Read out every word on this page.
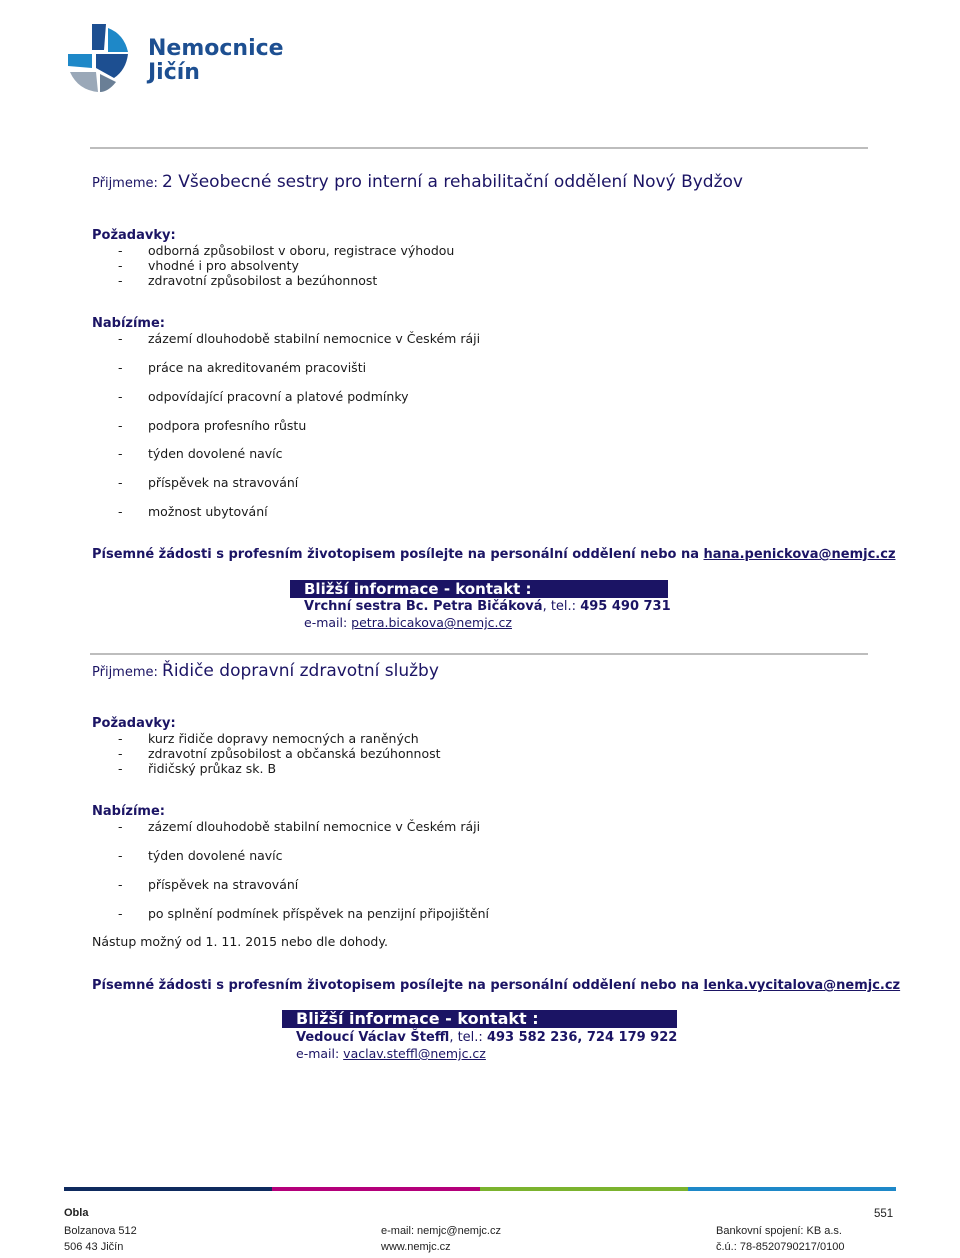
Nemocnice
Jičín
Přijmeme: 2 Všeobecné sestry pro interní a rehabilitační oddělení Nový Bydžov
Požadavky:
- odborná způsobilost v oboru, registrace výhodou
- vhodné i pro absolventy
- zdravotní způsobilost a bezúhonnost
Nabízíme:
- zázemí dlouhodobě stabilní nemocnice v Českém ráji
- práce na akreditovaném pracovišti
- odpovídající pracovní a platové podmínky
- podpora profesního růstu
- týden dovolené navíc
- příspěvek na stravování
- možnost ubytování
Písemné žádosti s profesním životopisem posílejte na personální oddělení nebo na hana.penickova@nemjc.cz
Bližší informace - kontakt :
Vrchní sestra Bc. Petra Bičáková, tel.: 495 490 731
e-mail: petra.bicakova@nemjc.cz
Přijmeme: Řidiče dopravní zdravotní služby
Požadavky:
- kurz řidiče dopravy nemocných a raněných
- zdravotní způsobilost a občanská bezúhonnost
- řidičský průkaz sk. B
Nabízíme:
- zázemí dlouhodobě stabilní nemocnice v Českém ráji
- týden dovolené navíc
- příspěvek na stravování
- po splnění podmínek příspěvek na penzijní připojištění
Nástup možný od 1. 11. 2015 nebo dle dohody.
Písemné žádosti s profesním životopisem posílejte na personální oddělení nebo na lenka.vycitalova@nemjc.cz
Bližší informace - kontakt :
Vedoucí Václav Šteffl, tel.: 493 582 236, 724 179 922
e-mail: vaclav.steffl@nemjc.cz
Obla
Bolzanova 512
506 43 Jičín
e-mail: nemjc@nemjc.cz
www.nemjc.cz
Bankovní spojení: KB a.s.
č.ú.: 78-8520790217/0100
551
